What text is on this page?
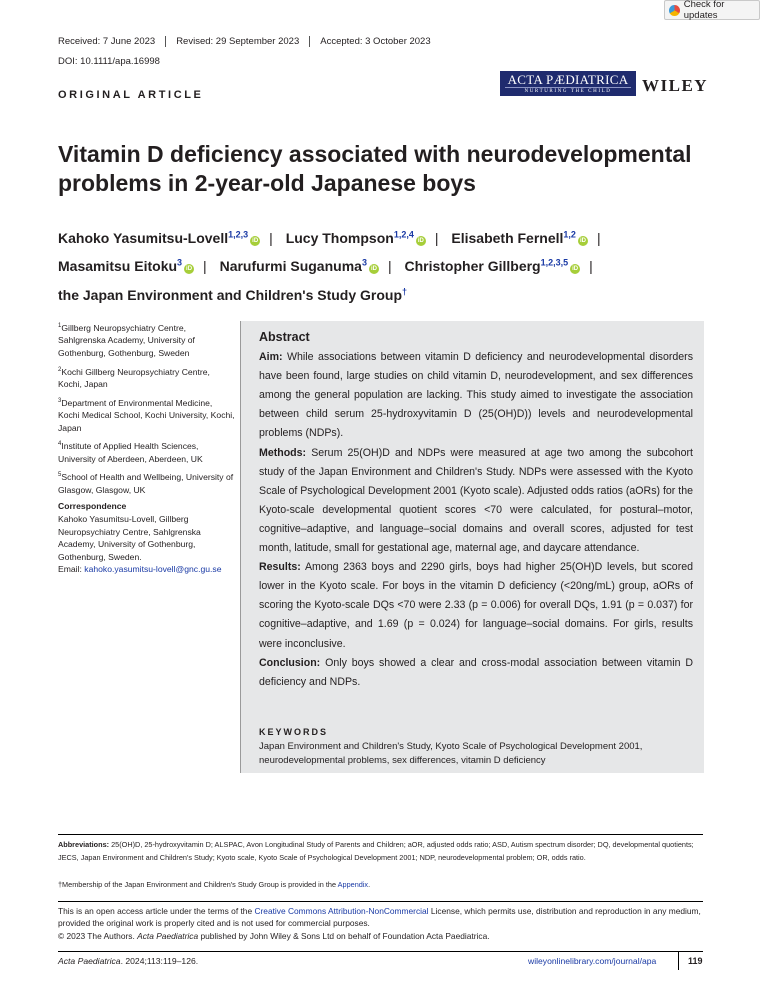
Check for updates
Received: 7 June 2023	Revised: 29 September 2023	Accepted: 3 October 2023
DOI: 10.1111/apa.16998
ORIGINAL ARTICLE
ACTA PÆDIATRICA
NURTURING THE CHILD	WILEY
Vitamin D deficiency associated with neurodevelopmental problems in 2-year-old Japanese boys
Kahoko Yasumitsu-Lovell$^{1,2,3}$iD | Lucy Thompson$^{1,2,4}$iD | Elisabeth Fernell$^{1,2}$iD |
Masamitsu Eitoku$^3$iD | Narufurmi Suganuma$^3$iD | Christopher Gillberg$^{1,2,3,5}$iD |
the Japan Environment and Children's Study Group†
$^1$Gillberg Neuropsychiatry Centre, Sahlgrenska Academy, University of Gothenburg, Gothenburg, Sweden
$^2$Kochi Gillberg Neuropsychiatry Centre, Kochi, Japan
$^3$Department of Environmental Medicine, Kochi Medical School, Kochi University, Kochi, Japan
$^4$Institute of Applied Health Sciences, University of Aberdeen, Aberdeen, UK
$^5$School of Health and Wellbeing, University of Glasgow, Glasgow, UK
Correspondence
Kahoko Yasumitsu-Lovell, Gillberg Neuropsychiatry Centre, Sahlgrenska Academy, University of Gothenburg, Gothenburg, Sweden.
Email: kahoko.yasumitsu-lovell@gnc.gu.se
Abstract

Aim: While associations between vitamin D deficiency and neurodevelopmental disorders have been found, large studies on child vitamin D, neurodevelopment, and sex differences among the general population are lacking. This study aimed to investigate the association between child serum 25-hydroxyvitamin D (25(OH)D)) levels and neurodevelopmental problems (NDPs).

Methods: Serum 25(OH)D and NDPs were measured at age two among the subcohort study of the Japan Environment and Children's Study. NDPs were assessed with the Kyoto Scale of Psychological Development 2001 (Kyoto scale). Adjusted odds ratios (aORs) for the Kyoto-scale developmental quotient scores <70 were calculated, for postural–motor, cognitive–adaptive, and language–social domains and overall scores, adjusted for test month, latitude, small for gestational age, maternal age, and daycare attendance.

Results: Among 2363 boys and 2290 girls, boys had higher 25(OH)D levels, but scored lower in the Kyoto scale. For boys in the vitamin D deficiency (<20ng/mL) group, aORs of scoring the Kyoto-scale DQs <70 were 2.33 (p = 0.006) for overall DQs, 1.91 (p = 0.037) for cognitive–adaptive, and 1.69 (p = 0.024) for language–social domains. For girls, results were inconclusive.

Conclusion: Only boys showed a clear and cross-modal association between vitamin D deficiency and NDPs.

KEYWORDS
Japan Environment and Children's Study, Kyoto Scale of Psychological Development 2001, neurodevelopmental problems, sex differences, vitamin D deficiency
Abbreviations: 25(OH)D, 25-hydroxyvitamin D; ALSPAC, Avon Longitudinal Study of Parents and Children; aOR, adjusted odds ratio; ASD, Autism spectrum disorder; DQ, developmental quotients; JECS, Japan Environment and Children's Study; Kyoto scale, Kyoto Scale of Psychological Development 2001; NDP, neurodevelopmental problem; OR, odds ratio.
†Membership of the Japan Environment and Children's Study Group is provided in the Appendix.
This is an open access article under the terms of the Creative Commons Attribution-NonCommercial License, which permits use, distribution and reproduction in any medium, provided the original work is properly cited and is not used for commercial purposes.
© 2023 The Authors. Acta Paediatrica published by John Wiley & Sons Ltd on behalf of Foundation Acta Paediatrica.
Acta Paediatrica. 2024;113:119–126.	wileyonlinelibrary.com/journal/apa	119
